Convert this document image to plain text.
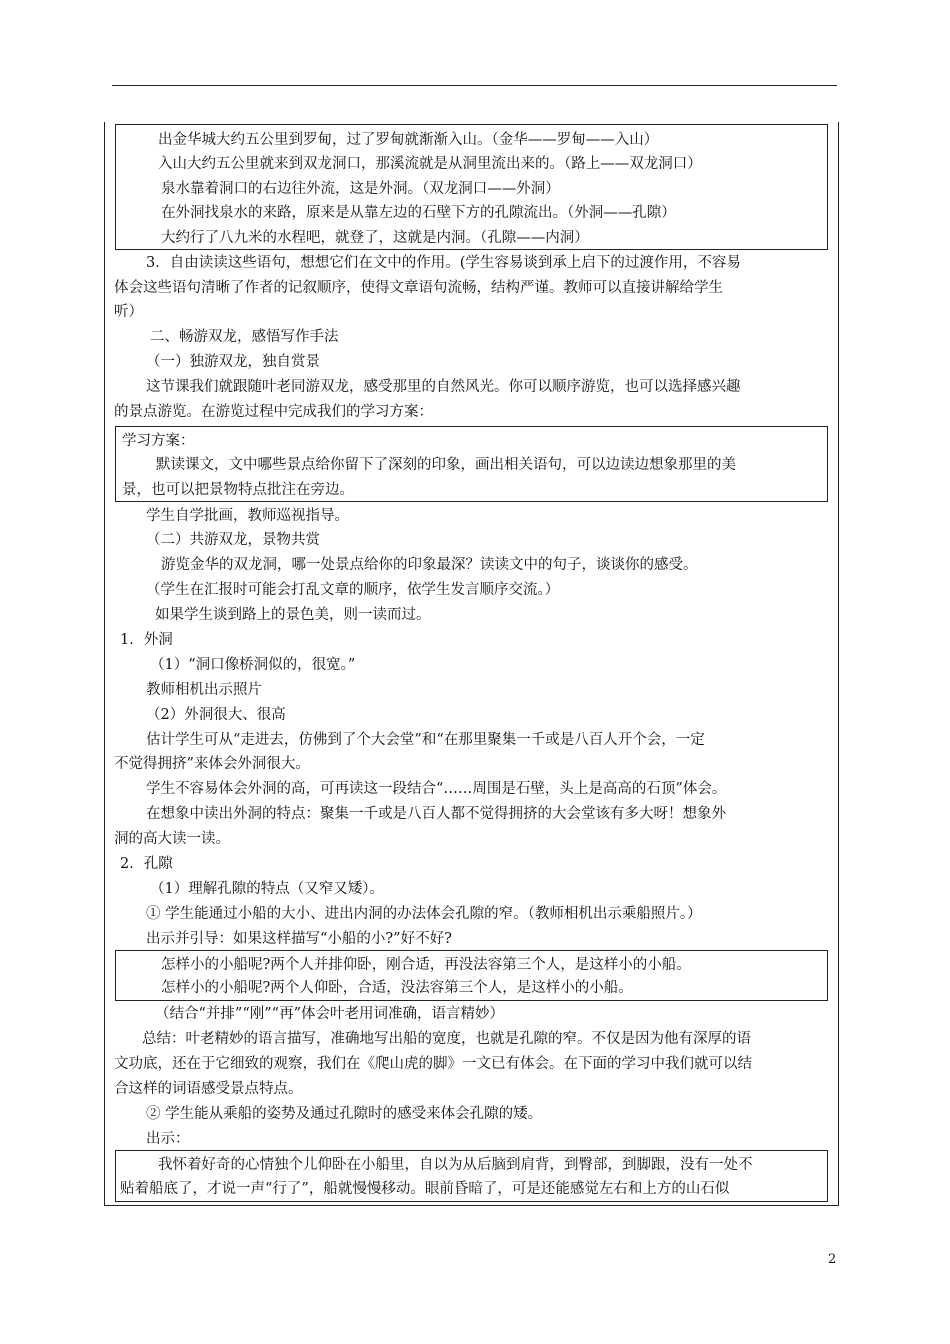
出金华城大约五公里到罗甸，过了罗甸就渐渐入山。（金华——罗甸——入山）
入山大约五公里就来到双龙洞口，那溪流就是从洞里流出来的。（路上——双龙洞口）
泉水靠着洞口的右边往外流，这是外洞。（双龙洞口——外洞）
在外洞找泉水的来路，原来是从靠左边的石壁下方的孔隙流出。（外洞——孔隙）
大约行了八九米的水程吧，就登了，这就是内洞。（孔隙——内洞）
3．自由读读这些语句，想想它们在文中的作用。(学生容易谈到承上启下的过渡作用，不容易
体会这些语句清晰了作者的记叙顺序，使得文章语句流畅，结构严谨。教师可以直接讲解给学生
听）
二、畅游双龙，感悟写作手法
（一）独游双龙，独自赏景
这节课我们就跟随叶老同游双龙，感受那里的自然风光。你可以顺序游览，也可以选择感兴趣
的景点游览。在游览过程中完成我们的学习方案：
学习方案：
默读课文，文中哪些景点给你留下了深刻的印象，画出相关语句，可以边读边想象那里的美
景，也可以把景物特点批注在旁边。
学生自学批画，教师巡视指导。
（二）共游双龙，景物共赏
游览金华的双龙洞，哪一处景点给你的印象最深？读读文中的句子，谈谈你的感受。
（学生在汇报时可能会打乱文章的顺序，依学生发言顺序交流。）
如果学生谈到路上的景色美，则一读而过。
1．外洞
（1）“洞口像桥洞似的，很宽。”
教师相机出示照片
（2）外洞很大、很高
估计学生可从“走进去，仿佛到了个大会堂”和“在那里聚集一千或是八百人开个会，一定
不觉得拥挤”来体会外洞很大。
学生不容易体会外洞的高，可再读这一段结合“……周围是石壁，头上是高高的石顶”体会。
在想象中读出外洞的特点：聚集一千或是八百人都不觉得拥挤的大会堂该有多大呀！想象外
洞的高大读一读。
2．孔隙
（1）理解孔隙的特点（又窄又矮）。
① 学生能通过小船的大小、进出内洞的办法体会孔隙的窄。（教师相机出示乘船照片。）
出示并引导：如果这样描写“小船的小?”好不好?
怎样小的小船呢?两个人并排仰卧，刚合适，再没法容第三个人，是这样小的小船。
怎样小的小船呢?两个人仰卧，合适，没法容第三个人，是这样小的小船。
（结合“并排”“刚”“再”体会叶老用词准确，语言精妙）
总结：叶老精妙的语言描写，准确地写出船的宽度，也就是孔隙的窄。不仅是因为他有深厚的语
文功底，还在于它细致的观察，我们在《爬山虎的脚》一文已有体会。在下面的学习中我们就可以结
合这样的词语感受景点特点。
② 学生能从乘船的姿势及通过孔隙时的感受来体会孔隙的矮。
出示：
我怀着好奇的心情独个儿仰卧在小船里，自以为从后脑到肩背，到臀部，到脚跟，没有一处不
贴着船底了，才说一声“行了”，船就慢慢移动。眼前昏暗了，可是还能感觉左右和上方的山石似
2
